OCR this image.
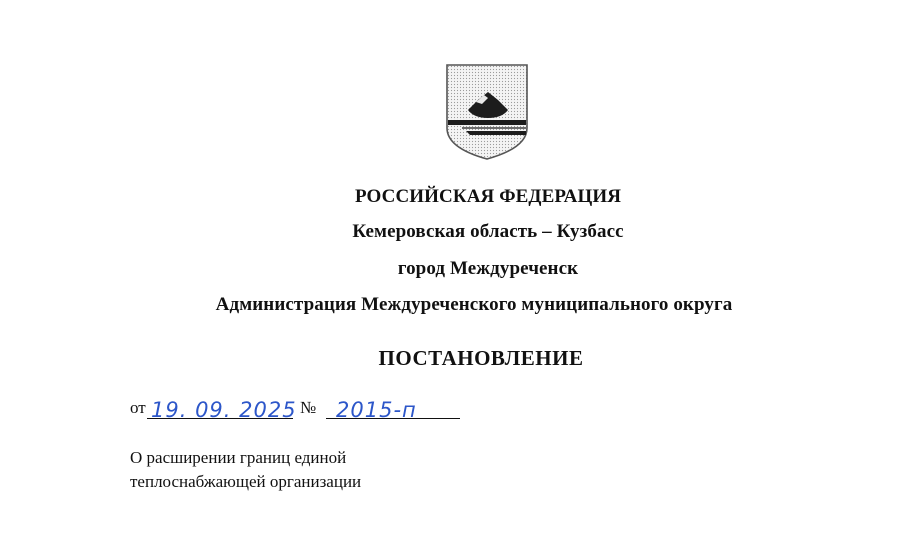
РОССИЙСКАЯ ФЕДЕРАЦИЯ
Кемеровская область – Кузбасс
город Междуреченск
Администрация Междуреченского муниципального округа
ПОСТАНОВЛЕНИЕ
от 19. 09. 2025 № 2015-п
О расширении границ единой
теплоснабжающей организации
